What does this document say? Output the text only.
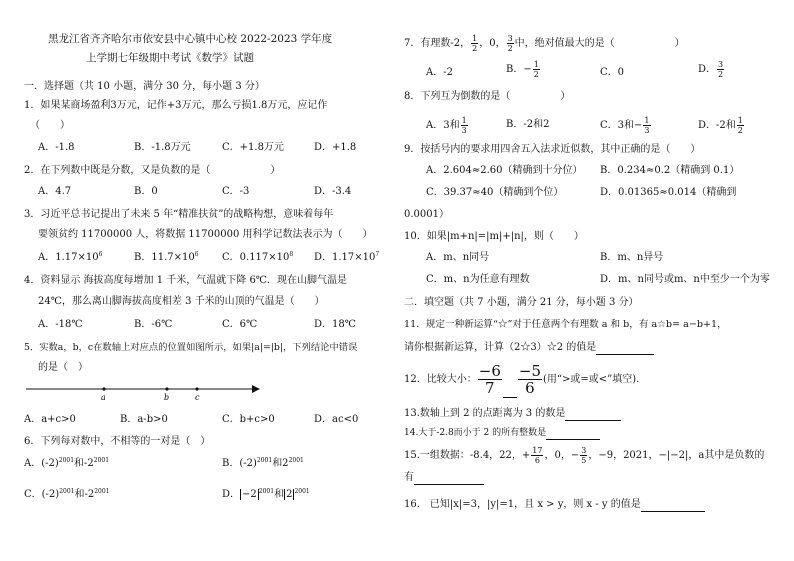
黑龙江省齐齐哈尔市依安县中心镇中心校 2022-2023 学年度
上学期七年级期中考试《数学》试题
一．选择题（共 10 小题，满分 30 分，每小题 3 分）
1．如果某商场盈利3万元，记作+3万元，那么亏损1.8万元，应记作
（　　）
A．-1.8	B．-1.8万元	C．+1.8万元	D．+1.8
2．在下列数中既是分数，又是负数的是（　　　　　　）
A．4.7	B．0	C．-3	D．-3.4
3．习近平总书记提出了未来 5 年“精准扶贫”的战略构想，意味着每年
要领贫约 11700000 人，将数据 11700000 用科学记数法表示为（　　）
A．$1.17\times 10^6$	B．$11.7\times 10^6$ C．$0.117\times 10^8$ D．$1.17\times 10^7$
4．资料显示 海拔高度每增加 1 千米，气温就下降 6℃．现在山脚气温是
24℃，那么离山脚海拔高度相差 3 千米的山顶的气温是（　　）
A．-18℃	B．-6℃	C．6℃	D．18℃
5．实数a，b，c在数轴上对应点的位置如图所示，如果|a|=|b|，下列结论中错误
的是（　）
a	b	c
A．a+c>0	B．a-b>0	C．b+c>0	D．ac<0
6．下列每对数中，不相等的一对是（　）
A．$(-2)^{2001}$和$-2^{2001}$	B．$(-2)^{2001}$和$2^{2001}$
C．$(-2)^{2001}$和$-2^{2001}$	D． −2 $^{2001}$和 2 $^{2001}$
7．有理数-2， $\frac{1}{2}$ ，0， $\frac{3}{2}$ 中，绝对值最大的是（　　　　　　）
A．-2	B．− $\frac{1}{2}$	C．0	D． $\frac{3}{2}$
8．下列互为倒数的是（　　　　　）
A．3和 $\frac{1}{3}$	B．-2和2	C．3和− $\frac{1}{3}$	D．-2和 $\frac{1}{2}$
9．按括号内的要求用四舍五入法求近似数，其中正确的是（　　）
A．2.604≈2.60（精确到十分位） B．0.234≈0.2（精确到 0.1）
C．39.37≈40（精确到个位）	D．0.01365≈0.014（精确到
0.0001）
10．如果|m+n|=|m|+|n|，则（　　）
A．m、n同号	B．m、n异号
C．m、n为任意有理数	D．m、n同号或m、n中至少一个为零
二．填空题（共 7 小题，满分 21 分，每小题 3 分）
11．规定一种新运算“☆”对于任意两个有理数 a 和 b，有 a☆b= a−b+1，
请你根据新运算，计算（2☆3）☆2 的值是
12．比较大小： $\frac{-6}{7}$
$\frac{-5}{6}$ (用“>或=或<”填空).
13.数轴上到 2 的点距离为 3 的数是
14.大于-2.8而小于 2 的所有整数是
15.一组数据：-8.4，22，+ $\frac{17}{6}$ ，0，− $\frac{3}{5}$ ，−9，2021，−|−2|，a其中是负数的
有
16.　已知|x|=3，|y|=1，且 x > y，则 x - y 的值是
